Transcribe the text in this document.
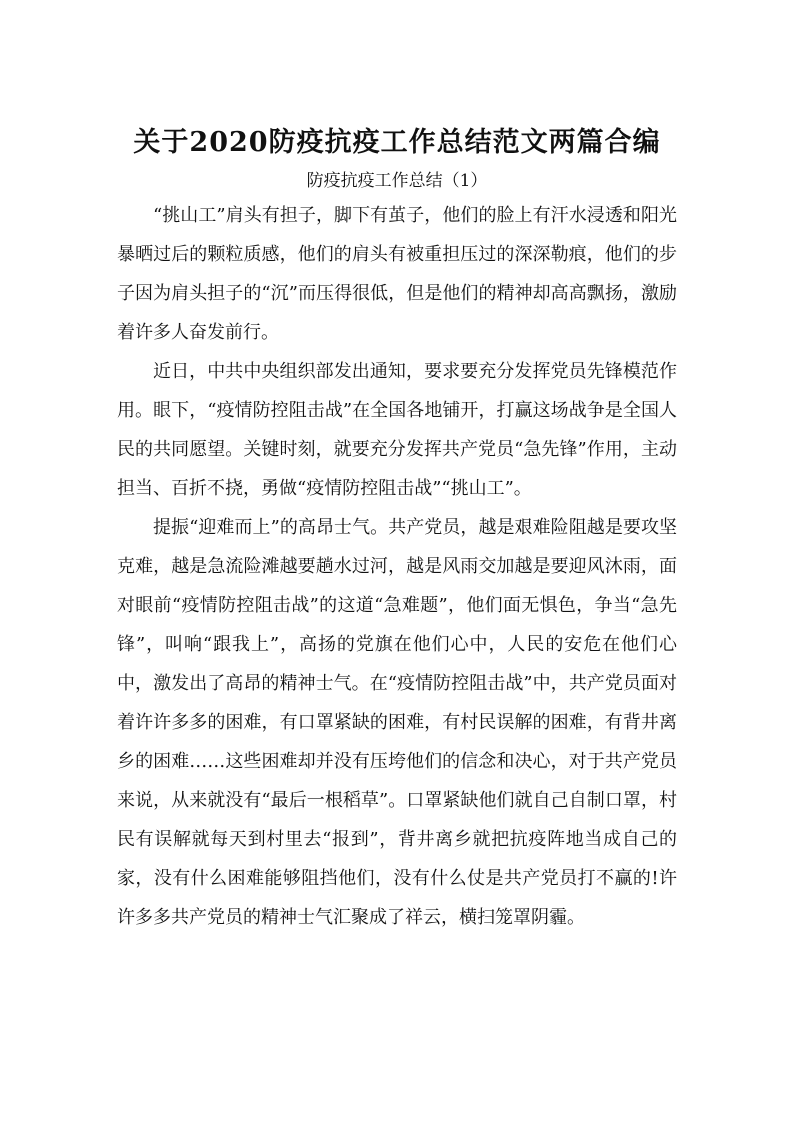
关于2020防疫抗疫工作总结范文两篇合编
防疫抗疫工作总结（1）

“挑山工”肩头有担子，脚下有茧子，他们的脸上有汗水浸透和阳光暴晒过后的颗粒质感，他们的肩头有被重担压过的深深勒痕，他们的步子因为肩头担子的“沉”而压得很低，但是他们的精神却高高飘扬，激励着许多人奋发前行。

近日，中共中央组织部发出通知，要求要充分发挥党员先锋模范作用。眼下，“疫情防控阻击战”在全国各地铺开，打赢这场战争是全国人民的共同愿望。关键时刻，就要充分发挥共产党员“急先锋”作用，主动担当、百折不挠，勇做“疫情防控阻击战”“挑山工”。

提振“迎难而上”的高昂士气。共产党员，越是艰难险阻越是要攻坚克难，越是急流险滩越要趟水过河，越是风雨交加越是要迎风沐雨，面对眼前“疫情防控阻击战”的这道“急难题”，他们面无惧色，争当“急先锋”，叫响“跟我上”，高扬的党旗在他们心中，人民的安危在他们心中，激发出了高昂的精神士气。在“疫情防控阻击战”中，共产党员面对着许许多多的困难，有口罩紧缺的困难，有村民误解的困难，有背井离乡的困难……这些困难却并没有压垮他们的信念和决心，对于共产党员来说，从来就没有“最后一根稻草”。口罩紧缺他们就自己自制口罩，村民有误解就每天到村里去“报到”，背井离乡就把抗疫阵地当成自己的家，没有什么困难能够阻挡他们，没有什么仗是共产党员打不赢的!许许多多共产党员的精神士气汇聚成了祥云，横扫笼罩阴霾。
